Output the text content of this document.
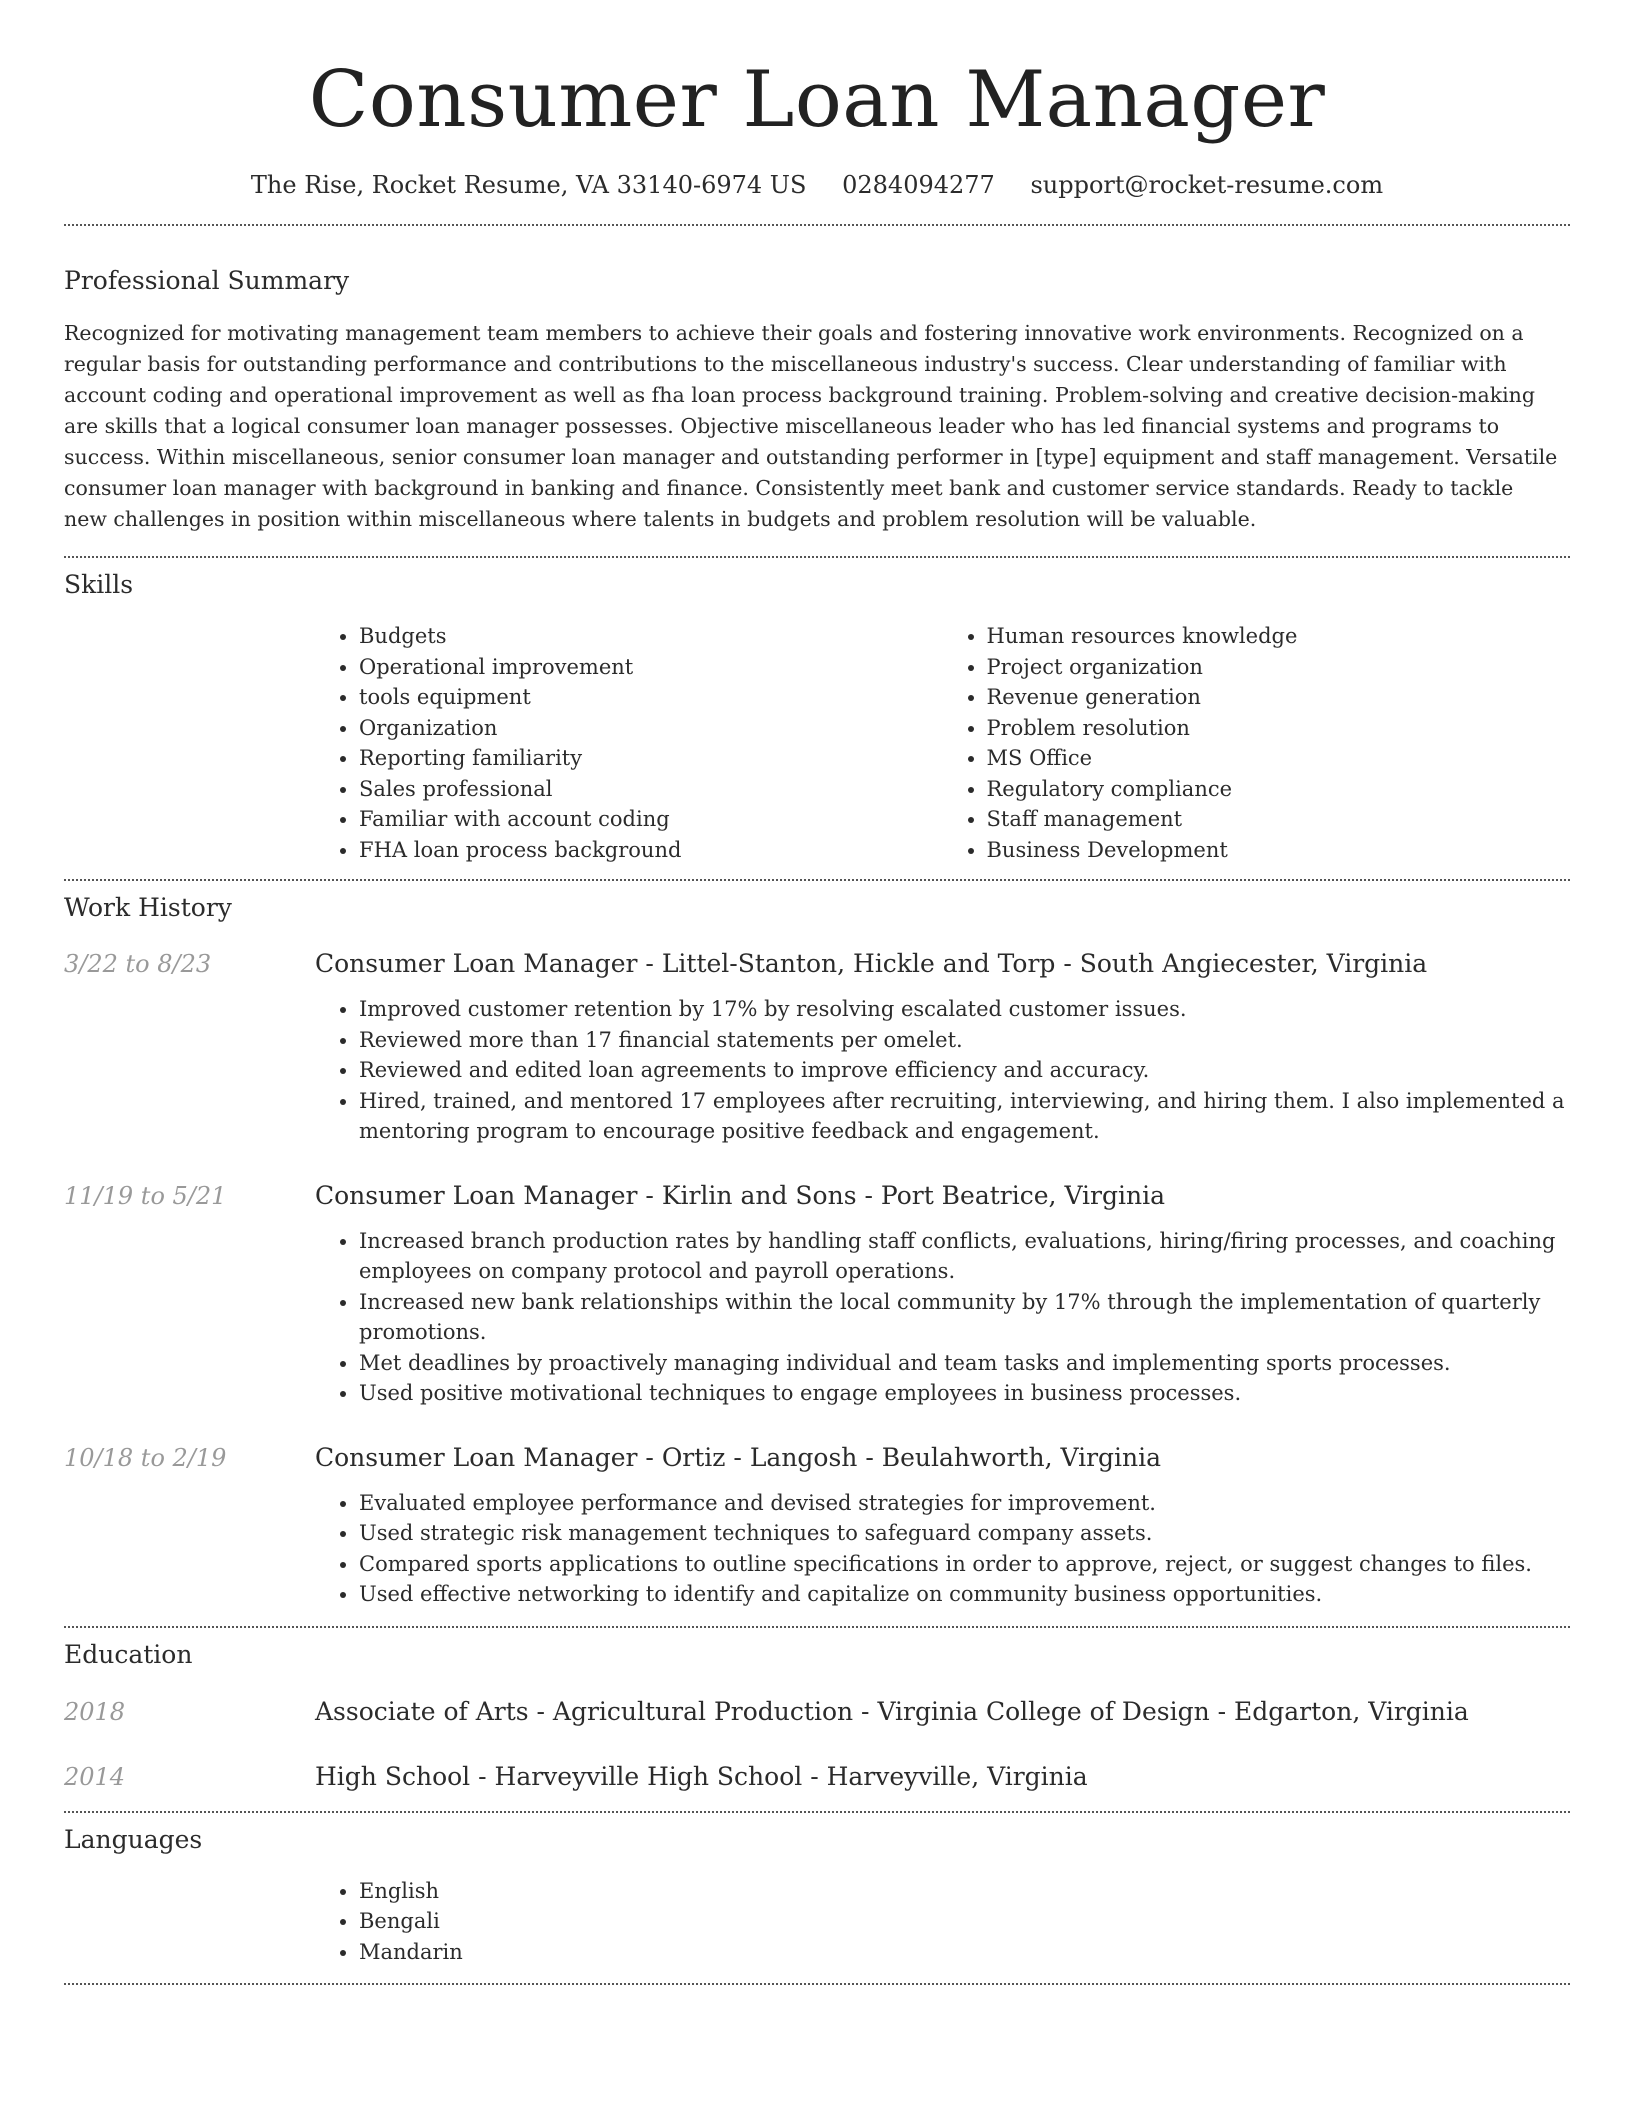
Consumer Loan Manager
The Rise, Rocket Resume, VA 33140-6974 US 0284094277 support@rocket-resume.com
Professional Summary

Recognized for motivating management team members to achieve their goals and fostering innovative work environments. Recognized on a regular basis for outstanding performance and contributions to the miscellaneous industry's success. Clear understanding of familiar with account coding and operational improvement as well as fha loan process background training. Problem-solving and creative decision-making are skills that a logical consumer loan manager possesses. Objective miscellaneous leader who has led financial systems and programs to success. Within miscellaneous, senior consumer loan manager and outstanding performer in [type] equipment and staff management. Versatile consumer loan manager with background in banking and finance. Consistently meet bank and customer service standards. Ready to tackle new challenges in position within miscellaneous where talents in budgets and problem resolution will be valuable.

Skills
• Budgets
• Operational improvement
• tools equipment
• Organization
• Reporting familiarity
• Sales professional
• Familiar with account coding
• FHA loan process background
• Human resources knowledge
• Project organization
• Revenue generation
• Problem resolution
• MS Office
• Regulatory compliance
• Staff management
• Business Development
Work History
3/22 to 8/23	Consumer Loan Manager - Littel-Stanton, Hickle and Torp - South Angiecester, Virginia
• Improved customer retention by 17% by resolving escalated customer issues.
• Reviewed more than 17 financial statements per omelet.
• Reviewed and edited loan agreements to improve efficiency and accuracy.
• Hired, trained, and mentored 17 employees after recruiting, interviewing, and hiring them. I also implemented a mentoring program to encourage positive feedback and engagement.
11/19 to 5/21	Consumer Loan Manager - Kirlin and Sons - Port Beatrice, Virginia
• Increased branch production rates by handling staff conflicts, evaluations, hiring/firing processes, and coaching employees on company protocol and payroll operations.
• Increased new bank relationships within the local community by 17% through the implementation of quarterly promotions.
• Met deadlines by proactively managing individual and team tasks and implementing sports processes.
• Used positive motivational techniques to engage employees in business processes.
10/18 to 2/19	Consumer Loan Manager - Ortiz - Langosh - Beulahworth, Virginia
• Evaluated employee performance and devised strategies for improvement.
• Used strategic risk management techniques to safeguard company assets.
• Compared sports applications to outline specifications in order to approve, reject, or suggest changes to files.
• Used effective networking to identify and capitalize on community business opportunities.
Education
2018	Associate of Arts - Agricultural Production - Virginia College of Design - Edgarton, Virginia
2014	High School - Harveyville High School - Harveyville, Virginia
Languages
• English
• Bengali
• Mandarin
